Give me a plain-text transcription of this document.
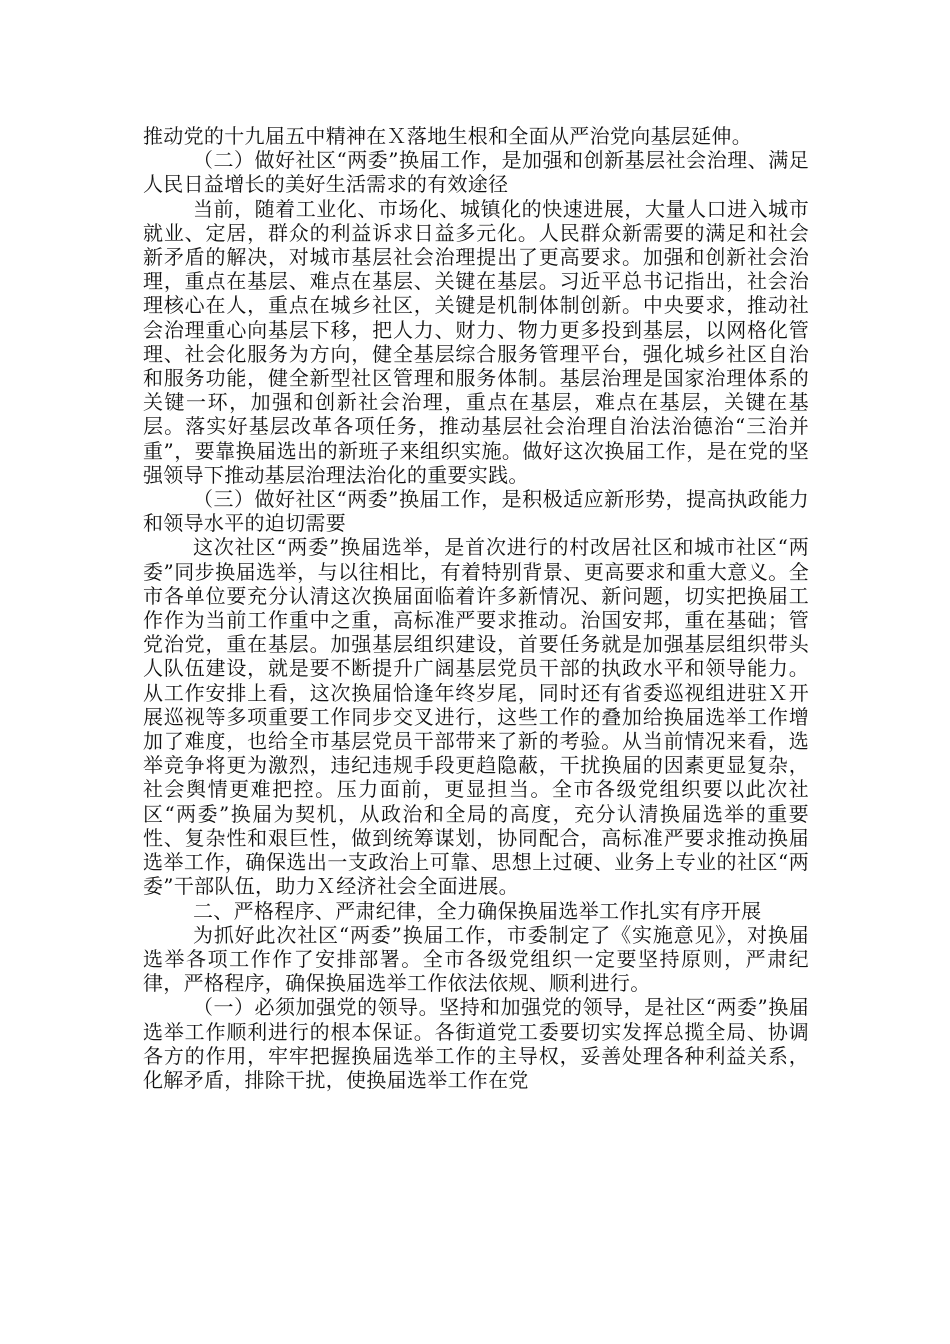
推动党的十九届五中精神在Ｘ落地生根和全面从严治党向基层延伸。

（二）做好社区“两委”换届工作，是加强和创新基层社会治理、满足人民日益增长的美好生活需求的有效途径

当前，随着工业化、市场化、城镇化的快速进展，大量人口进入城市就业、定居，群众的利益诉求日益多元化。人民群众新需要的满足和社会新矛盾的解决，对城市基层社会治理提出了更高要求。加强和创新社会治理，重点在基层、难点在基层、关键在基层。习近平总书记指出，社会治理核心在人，重点在城乡社区，关键是机制体制创新。中央要求，推动社会治理重心向基层下移，把人力、财力、物力更多投到基层，以网格化管理、社会化服务为方向，健全基层综合服务管理平台，强化城乡社区自治和服务功能，健全新型社区管理和服务体制。基层治理是国家治理体系的关键一环，加强和创新社会治理，重点在基层，难点在基层，关键在基层。落实好基层改革各项任务，推动基层社会治理自治法治德治“三治并重”，要靠换届选出的新班子来组织实施。做好这次换届工作，是在党的坚强领导下推动基层治理法治化的重要实践。

（三）做好社区“两委”换届工作，是积极适应新形势，提高执政能力和领导水平的迫切需要

这次社区“两委”换届选举，是首次进行的村改居社区和城市社区“两委”同步换届选举，与以往相比，有着特别背景、更高要求和重大意义。全市各单位要充分认清这次换届面临着许多新情况、新问题，切实把换届工作作为当前工作重中之重，高标准严要求推动。治国安邦，重在基础；管党治党，重在基层。加强基层组织建设，首要任务就是加强基层组织带头人队伍建设，就是要不断提升广阔基层党员干部的执政水平和领导能力。从工作安排上看，这次换届恰逢年终岁尾，同时还有省委巡视组进驻Ｘ开展巡视等多项重要工作同步交叉进行，这些工作的叠加给换届选举工作增加了难度，也给全市基层党员干部带来了新的考验。从当前情况来看，选举竞争将更为激烈，违纪违规手段更趋隐蔽，干扰换届的因素更显复杂，社会舆情更难把控。压力面前，更显担当。全市各级党组织要以此次社区“两委”换届为契机，从政治和全局的高度，充分认清换届选举的重要性、复杂性和艰巨性，做到统筹谋划，协同配合，高标准严要求推动换届选举工作，确保选出一支政治上可靠、思想上过硬、业务上专业的社区“两委”干部队伍，助力Ｘ经济社会全面进展。

二、严格程序、严肃纪律，全力确保换届选举工作扎实有序开展

为抓好此次社区“两委”换届工作，市委制定了《实施意见》，对换届选举各项工作作了安排部署。全市各级党组织一定要坚持原则，严肃纪律，严格程序，确保换届选举工作依法依规、顺利进行。

（一）必须加强党的领导。坚持和加强党的领导，是社区“两委”换届选举工作顺利进行的根本保证。各街道党工委要切实发挥总揽全局、协调各方的作用，牢牢把握换届选举工作的主导权，妥善处理各种利益关系，化解矛盾，排除干扰，使换届选举工作在党
